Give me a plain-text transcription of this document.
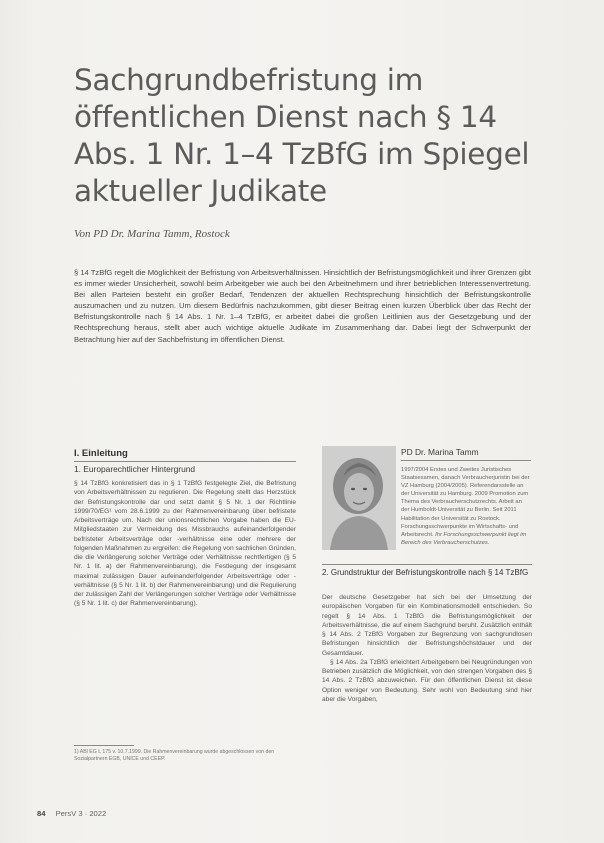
Sachgrundbefristung im öffentlichen Dienst nach § 14 Abs. 1 Nr. 1–4 TzBfG im Spiegel aktueller Judikate
Von PD Dr. Marina Tamm, Rostock

§ 14 TzBfG regelt die Möglichkeit der Befristung von Arbeitsverhältnissen. Hinsichtlich der Befristungsmöglichkeit und ihrer Grenzen gibt es immer wieder Unsicherheit, sowohl beim Arbeitgeber wie auch bei den Arbeitnehmern und ihrer betrieblichen Interessenvertretung. Bei allen Parteien besteht ein großer Bedarf, Tendenzen der aktuellen Rechtsprechung hinsichtlich der Befristungskontrolle auszumachen und zu nutzen. Um diesem Bedürfnis nachzukommen, gibt dieser Beitrag einen kurzen Überblick über das Recht der Befristungskontrolle nach § 14 Abs. 1 Nr. 1–4 TzBfG, er arbeitet dabei die großen Leitlinien aus der Gesetzgebung und der Rechtsprechung heraus, stellt aber auch wichtige aktuelle Judikate im Zusammenhang dar. Dabei liegt der Schwerpunkt der Betrachtung hier auf der Sachbefristung im öffentlichen Dienst.

I. Einleitung
1. Europarechtlicher Hintergrund

§ 14 TzBfG konkretisiert das in § 1 TzBfG festgelegte Ziel, die Befristung von Arbeitsverhältnissen zu regulieren. Die Regelung stellt das Herzstück der Befristungskontrolle dar und setzt damit § 5 Nr. 1 der Richtlinie 1999/70/EG¹ vom 28.6.1999 zu der Rahmenvereinbarung über befristete Arbeitsverträge um. Nach der unionsrechtlichen Vorgabe haben die EU-Mitgliedstaaten zur Vermeidung des Missbrauchs aufeinanderfolgender befristeter Arbeitsverträge oder -verhältnisse eine oder mehrere der folgenden Maßnahmen zu ergreifen: die Regelung von sachlichen Gründen, die die Verlängerung solcher Verträge oder Verhältnisse rechtfertigen (§ 5 Nr. 1 lit. a) der Rahmenvereinbarung), die Festlegung der insgesamt maximal zulässigen Dauer aufeinanderfolgender Arbeitsverträge oder -verhältnisse (§ 5 Nr. 1 lit. b) der Rahmenvereinbarung) und die Regulierung der zulässigen Zahl der Verlängerungen solcher Verträge oder Verhältnisse (§ 5 Nr. 1 lit. c) der Rahmenvereinbarung).

PD Dr. Marina Tamm
1997/2004 Erstes und Zweites Juristisches Staatsexamen, danach Verbraucherjuristin bei der VZ Hamburg (2004/2005). Referendarsstelle an der Universität zu Hamburg. 2009 Promotion zum Thema des Verbraucherschutzrechts. Arbeit an der Humboldt-Universität zu Berlin. Seit 2011 Habilitation der Universität zu Rostock. Forschungsschwerpunkte im Wirtschafts- und Arbeitsrecht. Ihr Forschungsschwerpunkt liegt im Bereich des Verbraucherschutzes.
2. Grundstruktur der Befristungskontrolle nach § 14 TzBfG

Der deutsche Gesetzgeber hat sich bei der Umsetzung der europäischen Vorgaben für ein Kombinationsmodell entschieden. So regelt § 14 Abs. 1 TzBfG die Befristungsmöglichkeit der Arbeitsverhältnisse, die auf einem Sachgrund beruht. Zusätzlich enthält § 14 Abs. 2 TzBfG Vorgaben zur Begrenzung von sachgrundlosen Befristungen hinsichtlich der Befristungshöchstdauer und der Gesamtdauer.

§ 14 Abs. 2a TzBfG erleichtert Arbeitgebern bei Neugründungen von Betrieben zusätzlich die Möglichkeit, von den strengen Vorgaben des § 14 Abs. 2 TzBfG abzuweichen. Für den öffentlichen Dienst ist diese Option weniger von Bedeutung. Sehr wohl von Bedeutung sind hier aber die Vorgaben,

1) ABl EG L 175 v. 10.7.1999. Die Rahmenvereinbarung wurde abgeschlossen von den Sozialpartnern EGB, UNICE und CEEP.
84 PersV 3 · 2022
